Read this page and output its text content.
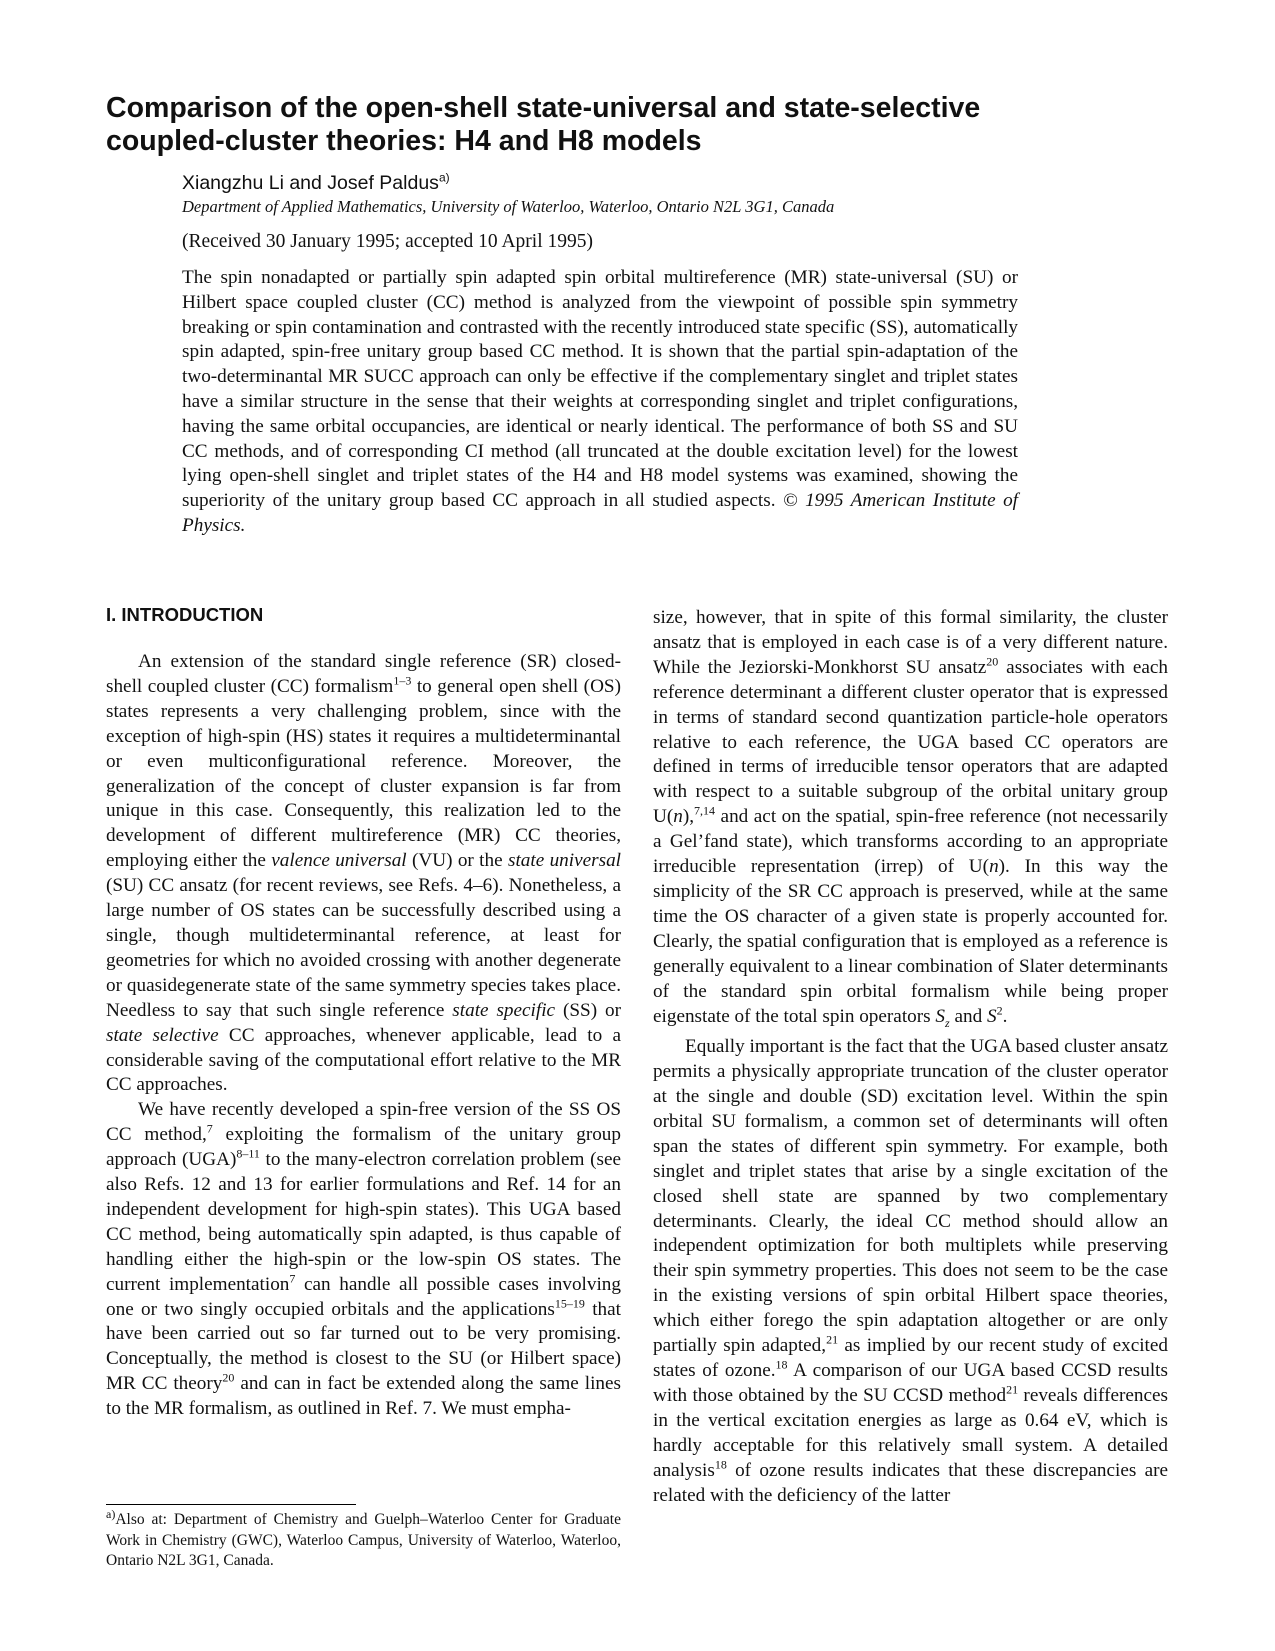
Comparison of the open-shell state-universal and state-selective coupled-cluster theories: H4 and H8 models

Xiangzhu Li and Josef Paldus$^{a)}$

Department of Applied Mathematics, University of Waterloo, Waterloo, Ontario N2L 3G1, Canada

(Received 30 January 1995; accepted 10 April 1995)

The spin nonadapted or partially spin adapted spin orbital multireference (MR) state-universal (SU) or Hilbert space coupled cluster (CC) method is analyzed from the viewpoint of possible spin symmetry breaking or spin contamination and contrasted with the recently introduced state specific (SS), automatically spin adapted, spin-free unitary group based CC method. It is shown that the partial spin-adaptation of the two-determinantal MR SUCC approach can only be effective if the complementary singlet and triplet states have a similar structure in the sense that their weights at corresponding singlet and triplet configurations, having the same orbital occupancies, are identical or nearly identical. The performance of both SS and SU CC methods, and of corresponding CI method (all truncated at the double excitation level) for the lowest lying open-shell singlet and triplet states of the H4 and H8 model systems was examined, showing the superiority of the unitary group based CC approach in all studied aspects. © 1995 American Institute of Physics.

I. INTRODUCTION

An extension of the standard single reference (SR) closed-shell coupled cluster (CC) formalism$^{1-3}$ to general open shell (OS) states represents a very challenging problem, since with the exception of high-spin (HS) states it requires a multideterminantal or even multiconfigurational reference. Moreover, the generalization of the concept of cluster expansion is far from unique in this case. Consequently, this realization led to the development of different multireference (MR) CC theories, employing either the valence universal (VU) or the state universal (SU) CC ansatz (for recent reviews, see Refs. 4–6). Nonetheless, a large number of OS states can be successfully described using a single, though multideterminantal reference, at least for geometries for which no avoided crossing with another degenerate or quasidegenerate state of the same symmetry species takes place. Needless to say that such single reference state specific (SS) or state selective CC approaches, whenever applicable, lead to a considerable saving of the computational effort relative to the MR CC approaches.

We have recently developed a spin-free version of the SS OS CC method,$^7$ exploiting the formalism of the unitary group approach (UGA)$^{8-11}$ to the many-electron correlation problem (see also Refs. 12 and 13 for earlier formulations and Ref. 14 for an independent development for high-spin states). This UGA based CC method, being automatically spin adapted, is thus capable of handling either the high-spin or the low-spin OS states. The current implementation$^7$ can handle all possible cases involving one or two singly occupied orbitals and the applications$^{15-19}$ that have been carried out so far turned out to be very promising. Conceptually, the method is closest to the SU (or Hilbert space) MR CC theory$^{20}$ and can in fact be extended along the same lines to the MR formalism, as outlined in Ref. 7. We must empha-

size, however, that in spite of this formal similarity, the cluster ansatz that is employed in each case is of a very different nature. While the Jeziorski-Monkhorst SU ansatz$^{20}$ associates with each reference determinant a different cluster operator that is expressed in terms of standard second quantization particle-hole operators relative to each reference, the UGA based CC operators are defined in terms of irreducible tensor operators that are adapted with respect to a suitable subgroup of the orbital unitary group U(n),$^{7,14}$ and act on the spatial, spin-free reference (not necessarily a Gel’fand state), which transforms according to an appropriate irreducible representation (irrep) of U(n). In this way the simplicity of the SR CC approach is preserved, while at the same time the OS character of a given state is properly accounted for. Clearly, the spatial configuration that is employed as a reference is generally equivalent to a linear combination of Slater determinants of the standard spin orbital formalism while being proper eigenstate of the total spin operators $S_z$ and $S^2$.

Equally important is the fact that the UGA based cluster ansatz permits a physically appropriate truncation of the cluster operator at the single and double (SD) excitation level. Within the spin orbital SU formalism, a common set of determinants will often span the states of different spin symmetry. For example, both singlet and triplet states that arise by a single excitation of the closed shell state are spanned by two complementary determinants. Clearly, the ideal CC method should allow an independent optimization for both multiplets while preserving their spin symmetry properties. This does not seem to be the case in the existing versions of spin orbital Hilbert space theories, which either forego the spin adaptation altogether or are only partially spin adapted,$^{21}$ as implied by our recent study of excited states of ozone.$^{18}$ A comparison of our UGA based CCSD results with those obtained by the SU CCSD method$^{21}$ reveals differences in the vertical excitation energies as large as 0.64 eV, which is hardly acceptable for this relatively small system. A detailed analysis$^{18}$ of ozone results indicates that these discrepancies are related with the deficiency of the latter

$^{a)}$Also at: Department of Chemistry and Guelph–Waterloo Center for Graduate Work in Chemistry (GWC), Waterloo Campus, University of Waterloo, Waterloo, Ontario N2L 3G1, Canada.
